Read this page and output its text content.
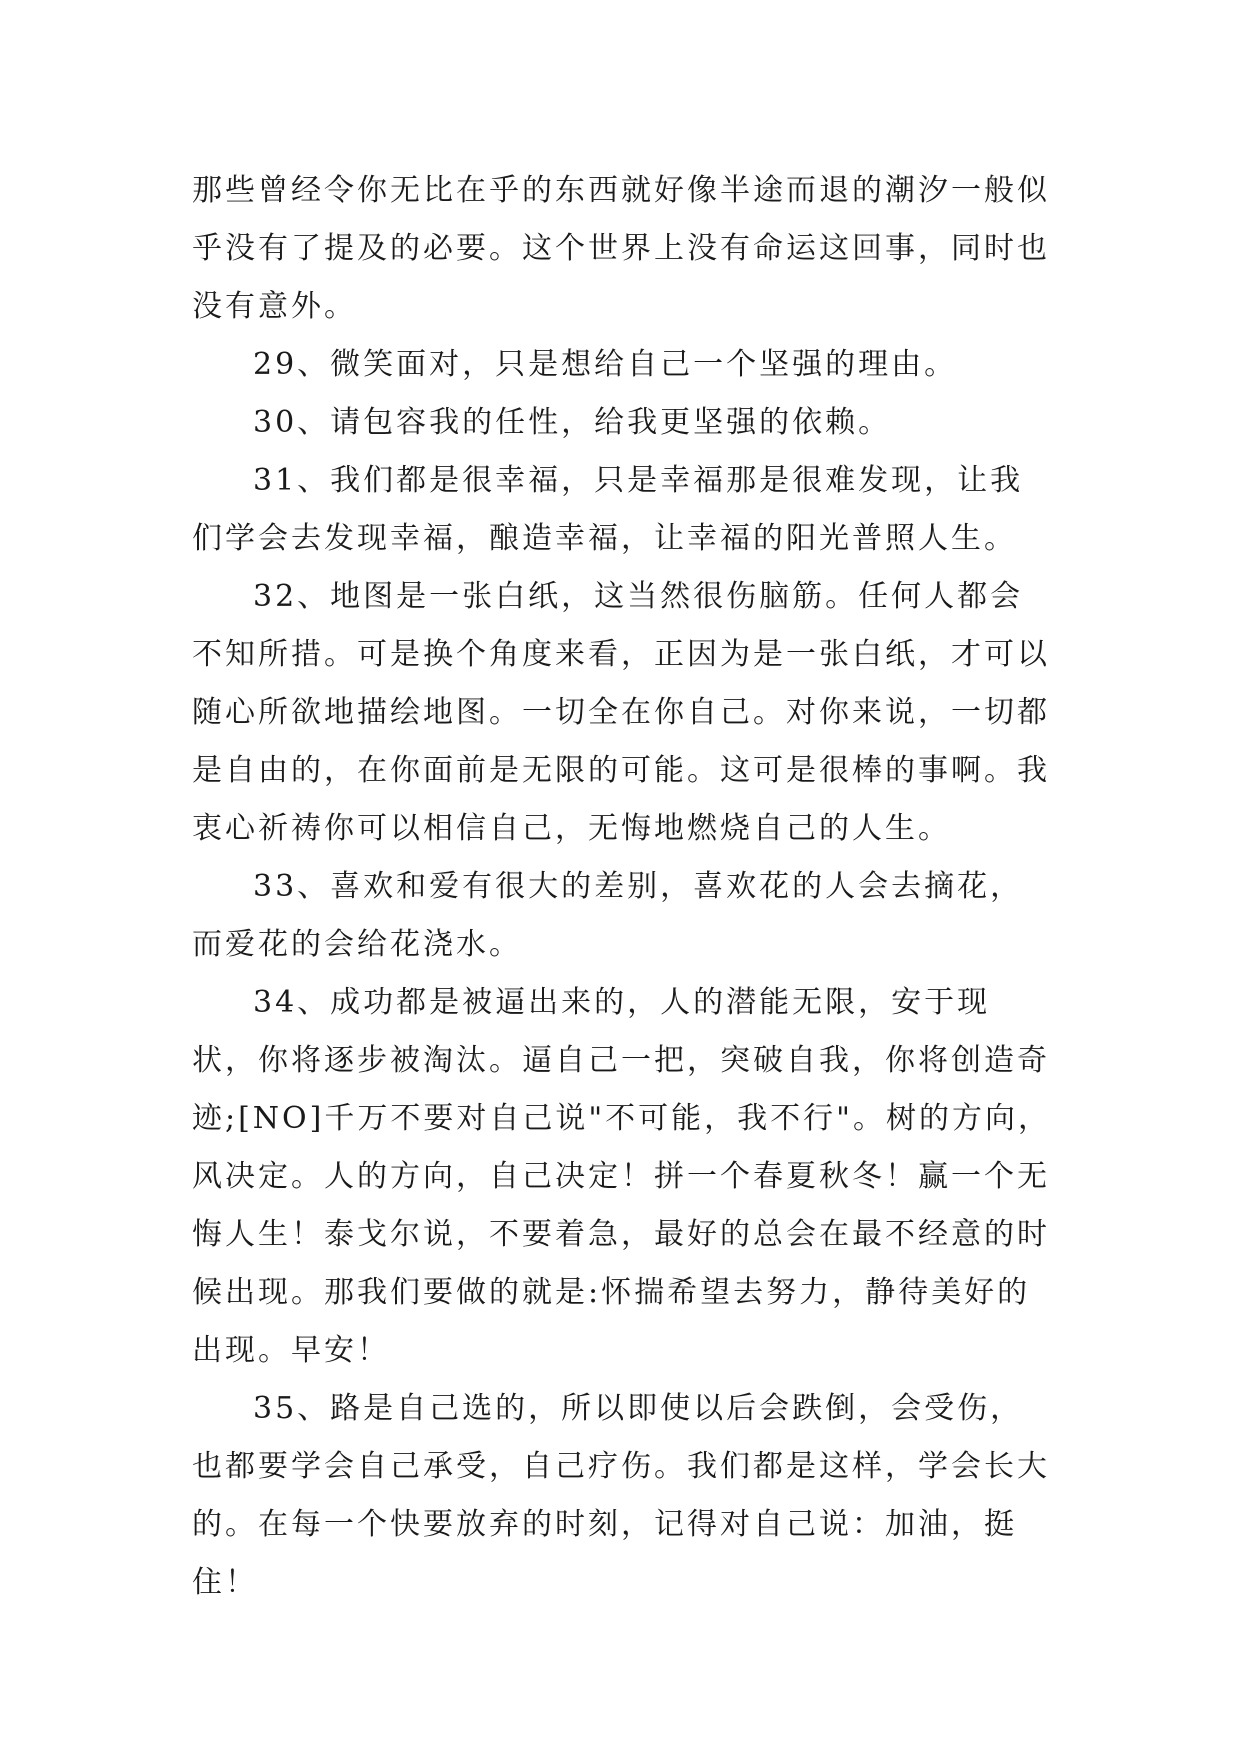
那些曾经令你无比在乎的东西就好像半途而退的潮汐一般似乎没有了提及的必要。这个世界上没有命运这回事，同时也没有意外。

29、微笑面对，只是想给自己一个坚强的理由。

30、请包容我的任性，给我更坚强的依赖。

31、我们都是很幸福，只是幸福那是很难发现，让我们学会去发现幸福，酿造幸福，让幸福的阳光普照人生。

32、地图是一张白纸，这当然很伤脑筋。任何人都会不知所措。可是换个角度来看，正因为是一张白纸，才可以随心所欲地描绘地图。一切全在你自己。对你来说，一切都是自由的，在你面前是无限的可能。这可是很棒的事啊。我衷心祈祷你可以相信自己，无悔地燃烧自己的人生。

33、喜欢和爱有很大的差别，喜欢花的人会去摘花，而爱花的会给花浇水。

34、成功都是被逼出来的，人的潜能无限，安于现状，你将逐步被淘汰。逼自己一把，突破自我，你将创造奇迹;[NO]千万不要对自己说"不可能，我不行"。树的方向，风决定。人的方向，自己决定！拼一个春夏秋冬！赢一个无悔人生！泰戈尔说，不要着急，最好的总会在最不经意的时候出现。那我们要做的就是:怀揣希望去努力，静待美好的出现。早安！

35、路是自己选的，所以即使以后会跌倒，会受伤，也都要学会自己承受，自己疗伤。我们都是这样，学会长大的。在每一个快要放弃的时刻，记得对自己说：加油，挺住！
